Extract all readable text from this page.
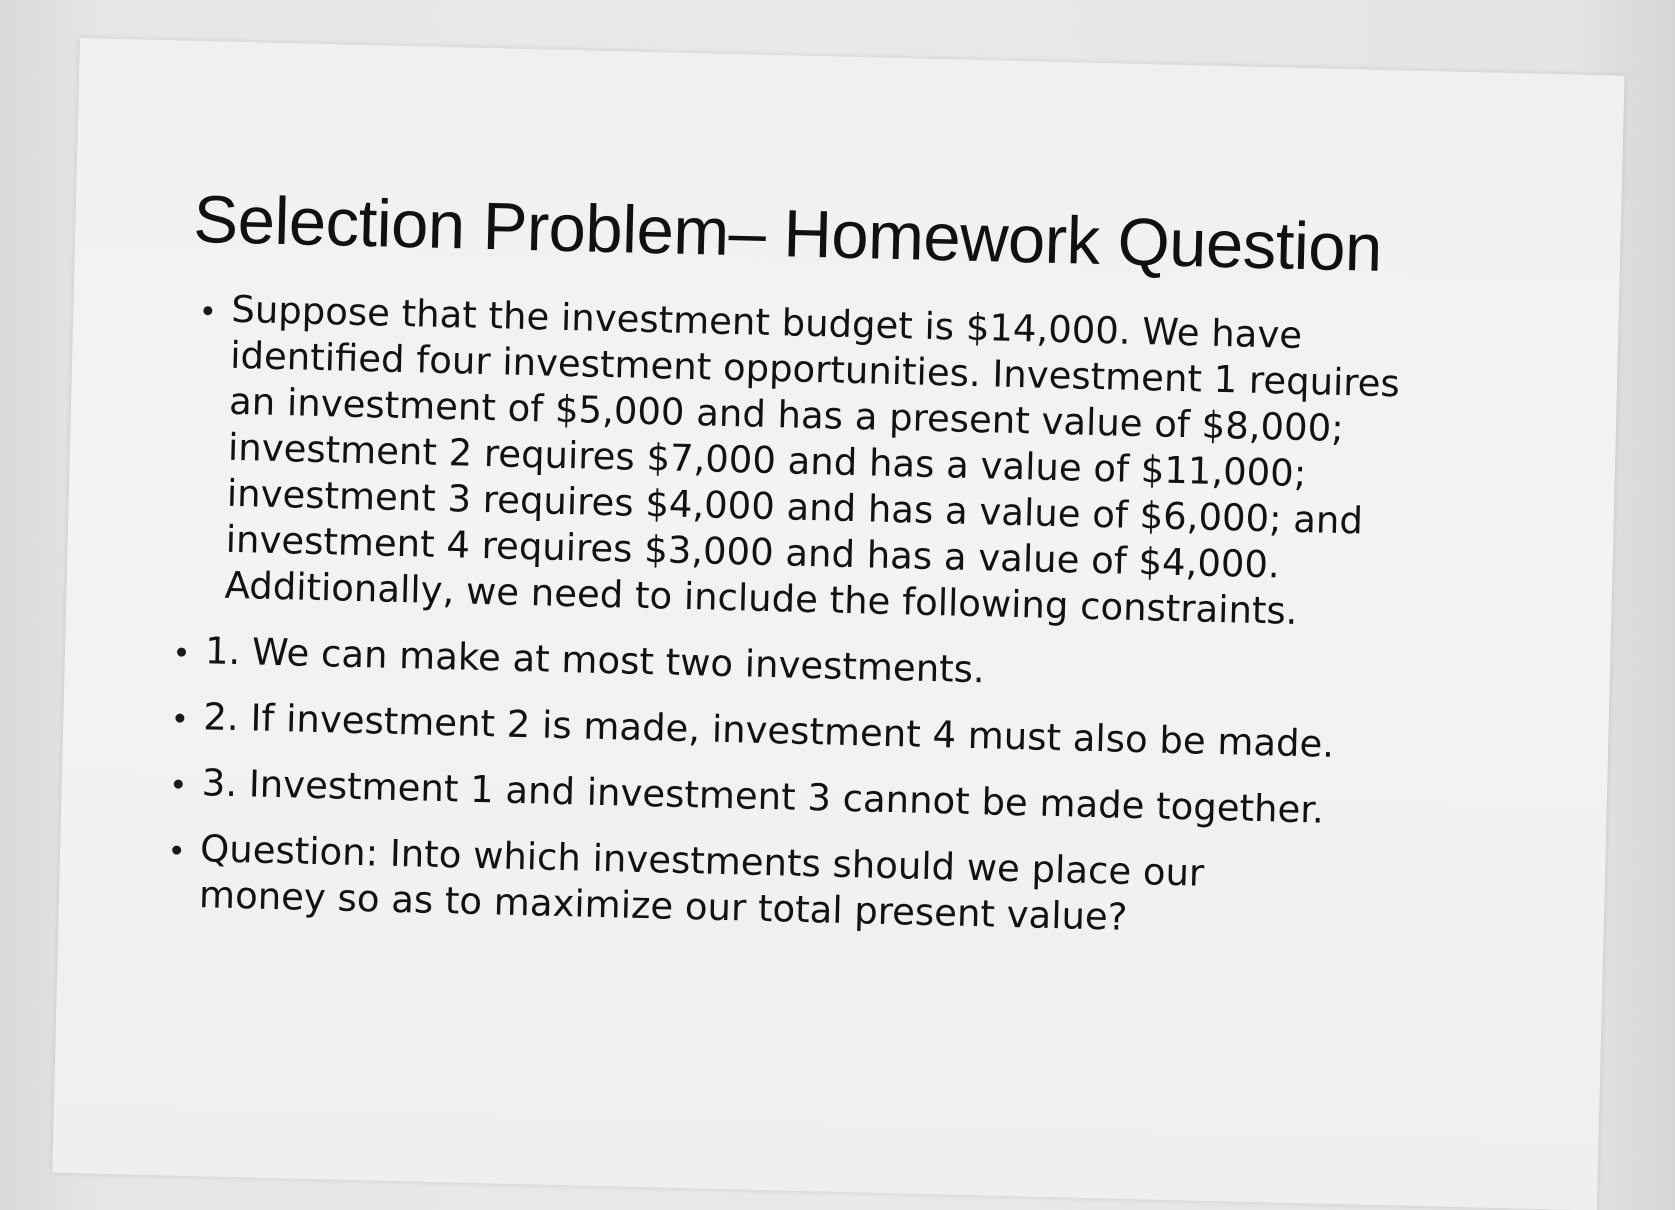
Selection Problem– Homework Question
Suppose that the investment budget is $14,000. We have identified four investment opportunities. Investment 1 requires an investment of $5,000 and has a present value of $8,000; investment 2 requires $7,000 and has a value of $11,000; investment 3 requires $4,000 and has a value of $6,000; and investment 4 requires $3,000 and has a value of $4,000. Additionally, we need to include the following constraints.
1. We can make at most two investments.
2. If investment 2 is made, investment 4 must also be made.
3. Investment 1 and investment 3 cannot be made together.
Question: Into which investments should we place our money so as to maximize our total present value?
